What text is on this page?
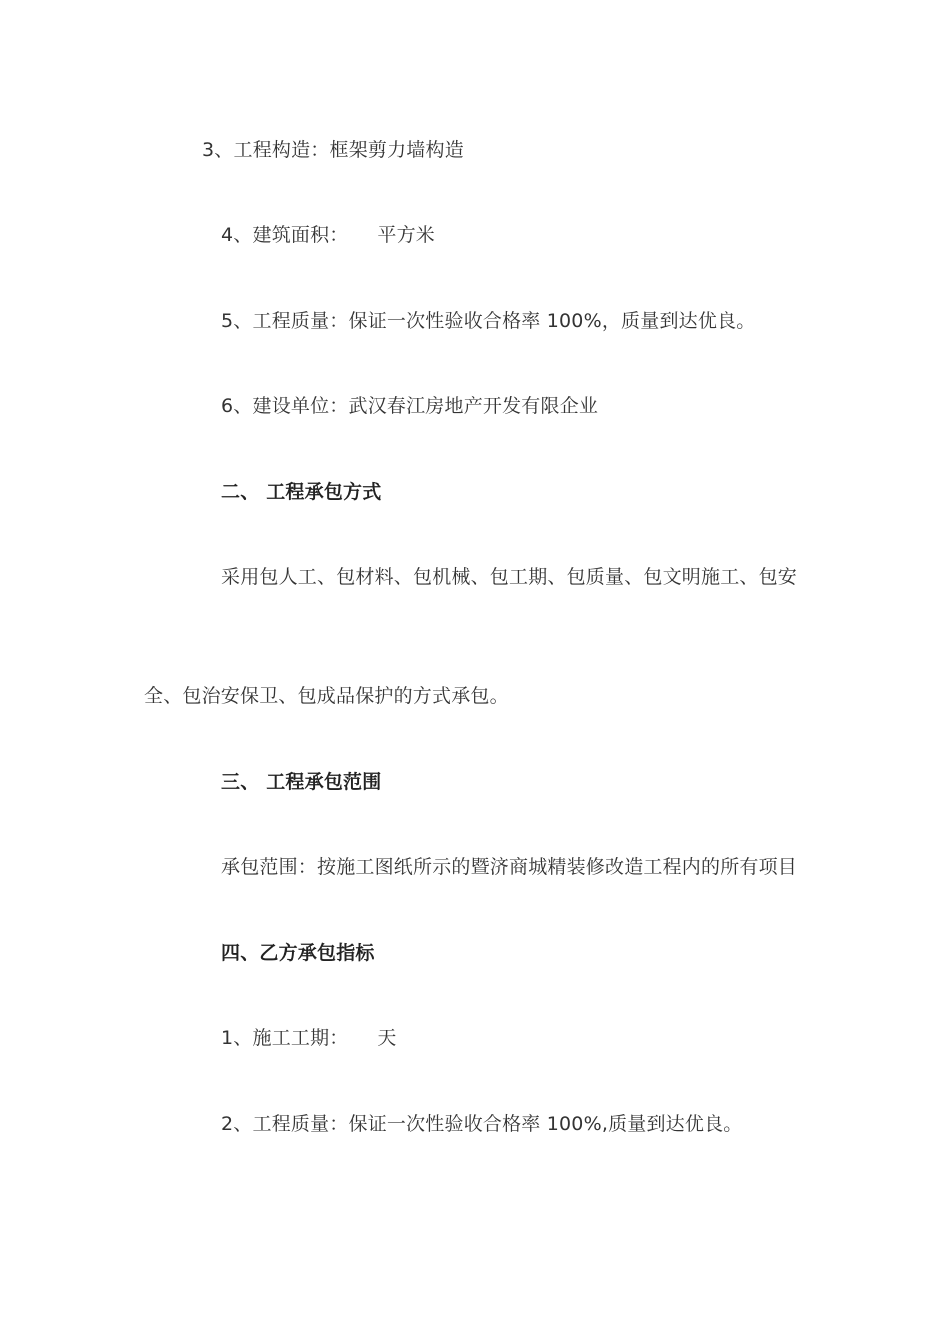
3、工程构造：框架剪力墙构造
4、建筑面积：　　平方米
5、工程质量：保证一次性验收合格率 100%，质量到达优良。
6、建设单位：武汉春江房地产开发有限企业
二、 工程承包方式
采用包人工、包材料、包机械、包工期、包质量、包文明施工、包安
全、包治安保卫、包成品保护的方式承包。
三、 工程承包范围
承包范围：按施工图纸所示的暨济商城精装修改造工程内的所有项目
四、乙方承包指标
1、施工工期：　　天
2、工程质量：保证一次性验收合格率 100%,质量到达优良。
